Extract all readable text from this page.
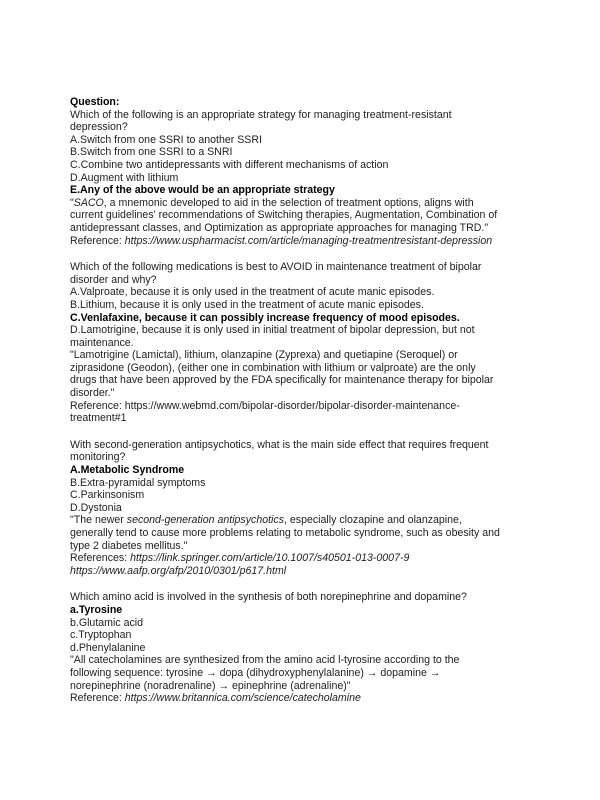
Question:
Which of the following is an appropriate strategy for managing treatment-resistant
depression?
A.Switch from one SSRI to another SSRI
B.Switch from one SSRI to a SNRI
C.Combine two antidepressants with different mechanisms of action
D.Augment with lithium
E.Any of the above would be an appropriate strategy
"SACO, a mnemonic developed to aid in the selection of treatment options, aligns with
current guidelines' recommendations of Switching therapies, Augmentation, Combination of
antidepressant classes, and Optimization as appropriate approaches for managing TRD."
Reference: https://www.uspharmacist.com/article/managing-treatmentresistant-depression
Which of the following medications is best to AVOID in maintenance treatment of bipolar
disorder and why?
A.Valproate, because it is only used in the treatment of acute manic episodes.
B.Lithium, because it is only used in the treatment of acute manic episodes.
C.Venlafaxine, because it can possibly increase frequency of mood episodes.
D.Lamotrigine, because it is only used in initial treatment of bipolar depression, but not
maintenance.
"Lamotrigine (Lamictal), lithium, olanzapine (Zyprexa) and quetiapine (Seroquel) or
ziprasidone (Geodon), (either one in combination with lithium or valproate) are the only
drugs that have been approved by the FDA specifically for maintenance therapy for bipolar
disorder."
Reference: https://www.webmd.com/bipolar-disorder/bipolar-disorder-maintenance-
treatment#1
With second-generation antipsychotics, what is the main side effect that requires frequent
monitoring?
A.Metabolic Syndrome
B.Extra-pyramidal symptoms
C.Parkinsonism
D.Dystonia
"The newer second-generation antipsychotics, especially clozapine and olanzapine,
generally tend to cause more problems relating to metabolic syndrome, such as obesity and
type 2 diabetes mellitus."
References: https://link.springer.com/article/10.1007/s40501-013-0007-9
https://www.aafp.org/afp/2010/0301/p617.html
Which amino acid is involved in the synthesis of both norepinephrine and dopamine?
a.Tyrosine
b.Glutamic acid
c.Tryptophan
d.Phenylalanine
"All catecholamines are synthesized from the amino acid l-tyrosine according to the
following sequence: tyrosine → dopa (dihydroxyphenylalanine) → dopamine →
norepinephrine (noradrenaline) → epinephrine (adrenaline)"
Reference: https://www.britannica.com/science/catecholamine
